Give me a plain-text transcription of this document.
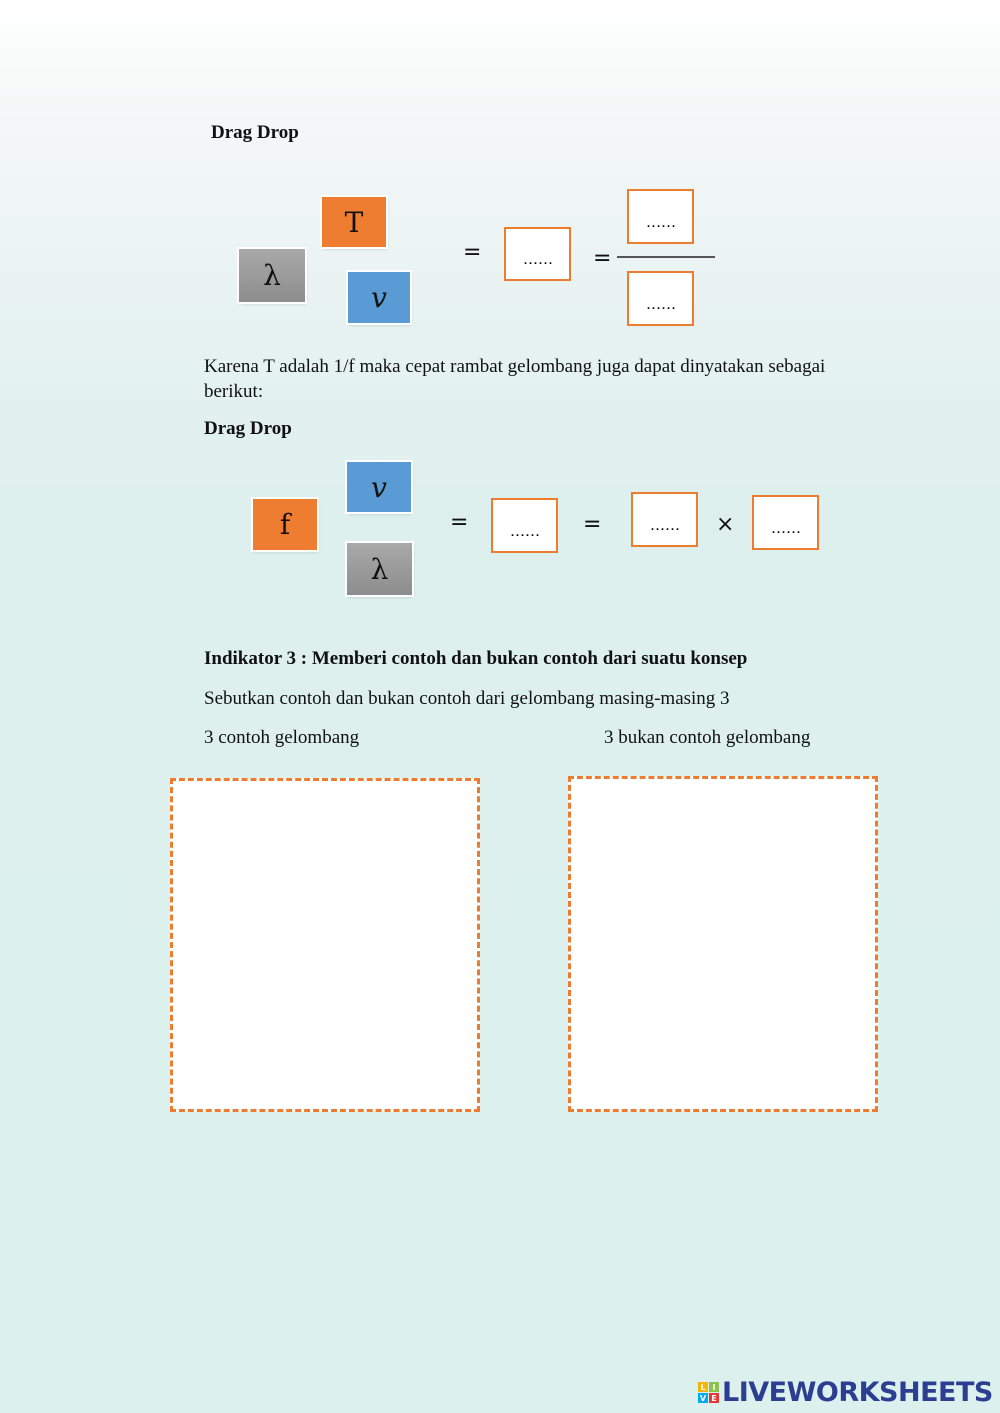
Drag Drop
T
λ
𝑣
=	......	=
......
......
Karena T adalah 1/f maka cepat rambat gelombang juga dapat dinyatakan sebagai berikut:
Drag Drop
𝑣
f
λ
=	......	=	......	×	......
Indikator 3 : Memberi contoh dan bukan contoh dari suatu konsep
Sebutkan contoh dan bukan contoh dari gelombang masing-masing 3
3 contoh gelombang	3 bukan contoh gelombang
L I
V E LIVEWORKSHEETS
